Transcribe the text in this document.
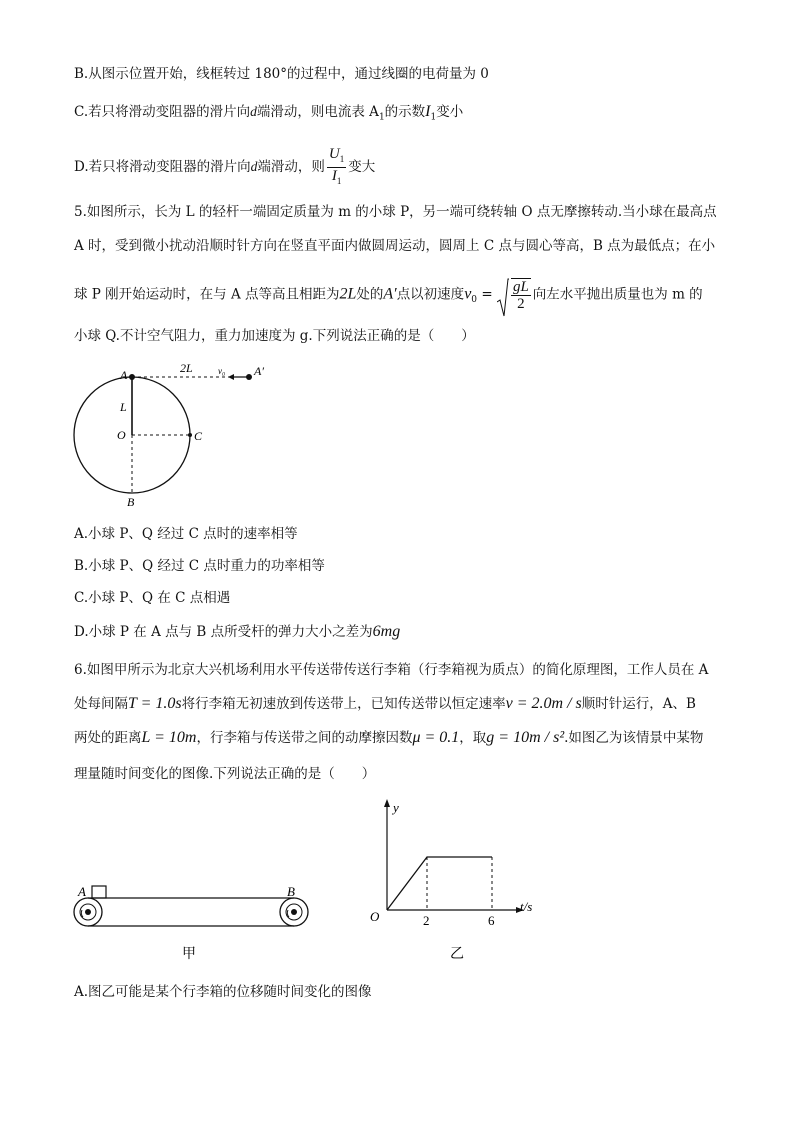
B.从图示位置开始，线框转过 180°的过程中，通过线圈的电荷量为 0
C.若只将滑动变阻器的滑片向d端滑动，则电流表 $A_1$的示数$I_1$变小
D.若只将滑动变阻器的滑片向d端滑动，则 $\frac{U_1}{I_1}$ 变大
5.如图所示，长为 L 的轻杆一端固定质量为 m 的小球 P，另一端可绕转轴 O 点无摩擦转动.当小球在最高点
A 时，受到微小扰动沿顺时针方向在竖直平面内做圆周运动，圆周上 C 点与圆心等高，B 点为最低点；在小
球 P 刚开始运动时，在与 A 点等高且相距为2L处的A′点以初速度$v_0 = \frac{gL}{2}$ 向左水平抛出质量也为 m 的
小球 Q.不计空气阻力，重力加速度为 g.下列说法正确的是（　　）
A	2L	v₀ A′
L
O	C
B
A.小球 P、Q 经过 C 点时的速率相等
B.小球 P、Q 经过 C 点时重力的功率相等
C.小球 P、Q 在 C 点相遇
D.小球 P 在 A 点与 B 点所受杆的弹力大小之差为6mg
6.如图甲所示为北京大兴机场利用水平传送带传送行李箱（行李箱视为质点）的简化原理图，工作人员在 A
处每间隔T = 1.0s将行李箱无初速放到传送带上，已知传送带以恒定速率v = 2.0m / s顺时针运行，A、B
两处的距离L = 10m，行李箱与传送带之间的动摩擦因数μ = 0.1，取g = 10m / s².如图乙为该情景中某物
理量随时间变化的图像.下列说法正确的是（　　）
A	B
甲
y
O	2	6
t/s
乙
A.图乙可能是某个行李箱的位移随时间变化的图像
